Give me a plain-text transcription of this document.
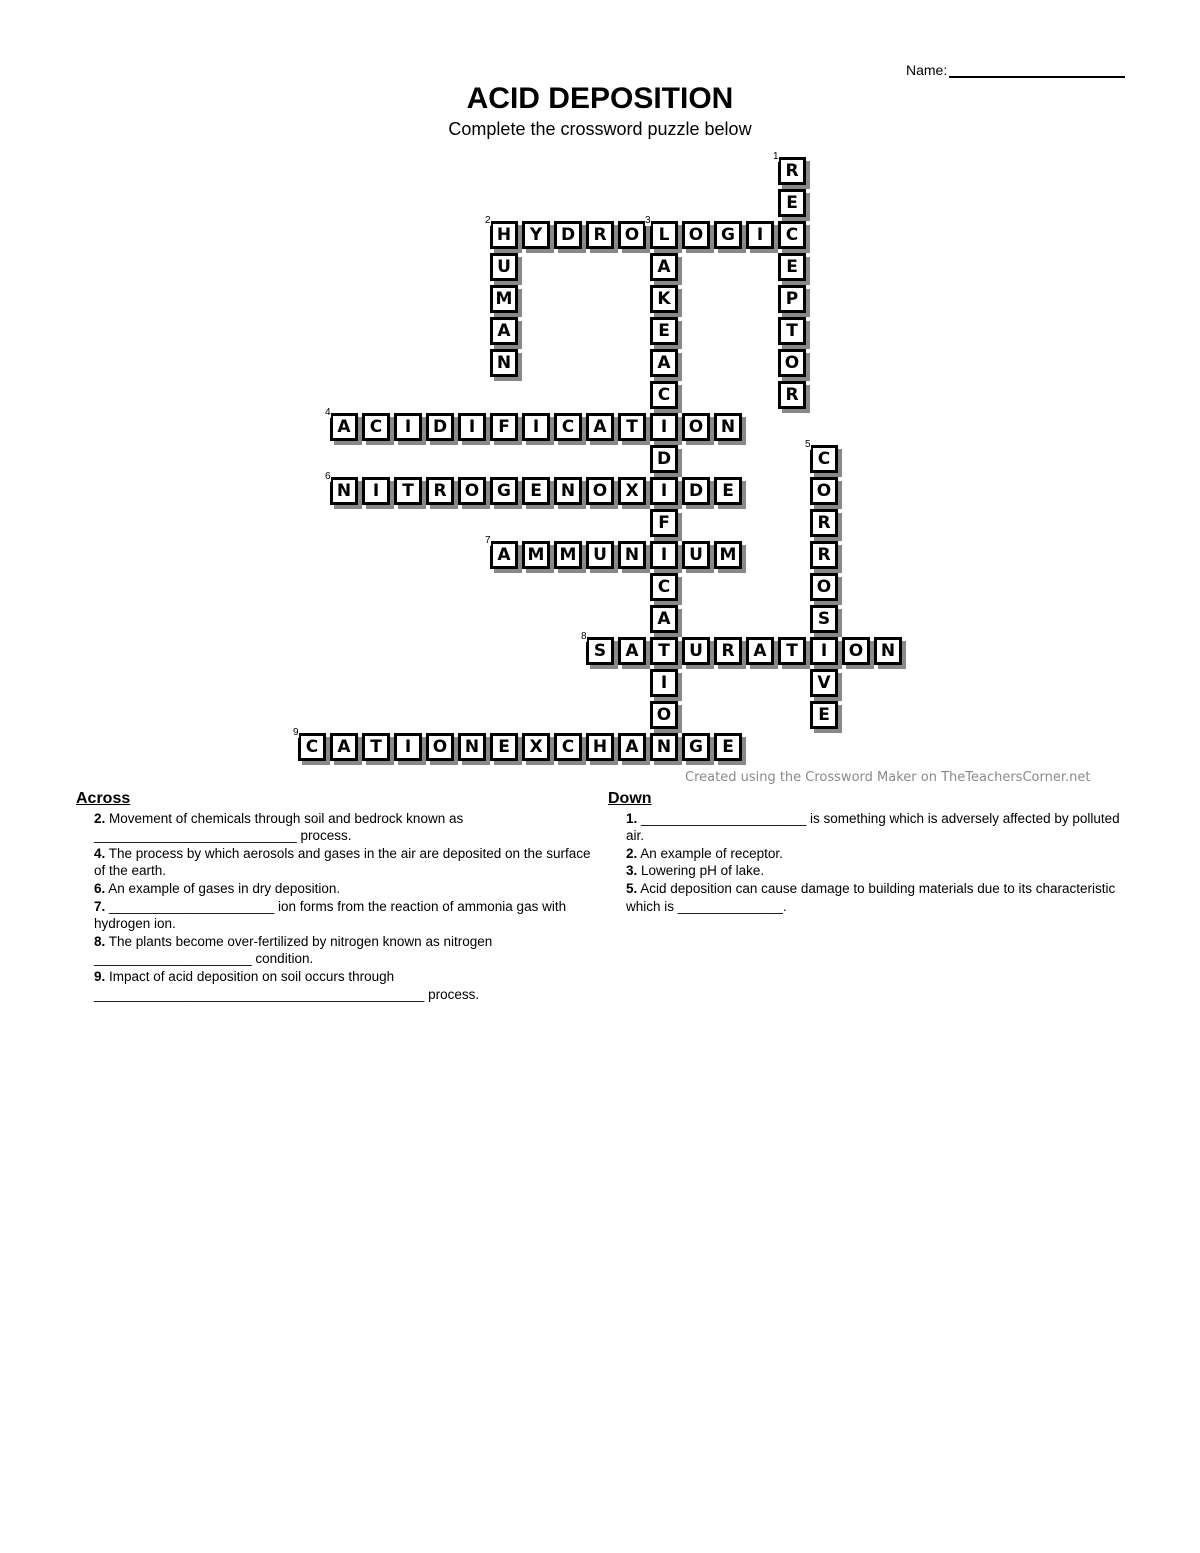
Name:
ACID DEPOSITION
Complete the crossword puzzle below
R
1
E
C
E
P
T
O
R
H
2
Y D R O	L
3
O G	I
U
M
A
N
A
K
E
A
C
I
D
I
F
I
C
A
T
I
O
A
4
C	I	D	I	F	I	C A	T	O N
C
5
O
R
R
O
S
I
V
E
N
6
I	T	R O G	E	N O X	D	E
A
7
M M U N	U M
S
8
A	U R A	T	O N
C
9
A	T	I	O N	E	X C H A N G	E
Created using the Crossword Maker on TheTeachersCorner.net
Across
2. Movement of chemicals through soil and bedrock known as ___________________________ process.
4. The process by which aerosols and gases in the air are deposited on the surface of the earth.
6. An example of gases in dry deposition.
7. ______________________ ion forms from the reaction of ammonia gas with hydrogen ion.
8. The plants become over-fertilized by nitrogen known as nitrogen _____________________ condition.
9. Impact of acid deposition on soil occurs through ____________________________________________ process.
Down
1. ______________________ is something which is adversely affected by polluted air.
2. An example of receptor.
3. Lowering pH of lake.
5. Acid deposition can cause damage to building materials due to its characteristic which is ______________.
